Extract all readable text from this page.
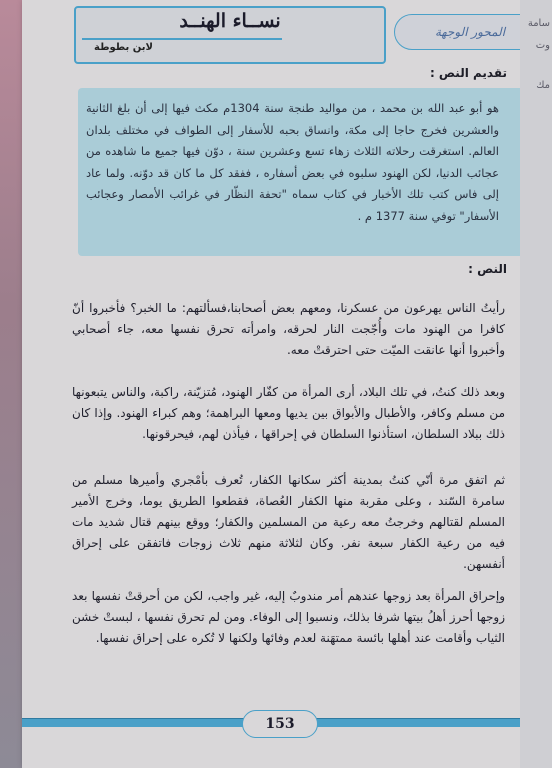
نســاء الهنــد
لابن بطوطة
المحور الوجهة
تقديم النص :
هو أبو عبد الله بن محمد ، من مواليد طنجة سنة 1304م مكث فيها إلى أن بلغ الثانية والعشرين فخرج حاجا إلى مكة، وانساق بحبه للأسفار إلى الطواف في مختلف بلدان العالم. استغرقت رحلاته الثلاث زهاء تسع وعشرين سنة ، دوّن فيها جميع ما شاهده من عجائب الدنيا، لكن الهنود سلبوه في بعض أسفاره ، ففقد كل ما كان قد دوّنه. ولما عاد إلى فاس كتب تلك الأخبار في كتاب سماه "تحفة النظّار في غرائب الأمصار وعجائب الأسفار" توفي سنة 1377 م .
النص :
رأيتُ الناس يهرعون من عسكرنا، ومعهم بعض أصحابنا،فسألتهم: ما الخبر؟ فأخبروا أنّ كافرا من الهنود مات وأُجّجت النار لحرقه، وامرأته تحرق نفسها معه، جاء أصحابي وأخبروا أنها عانقت الميّت حتى احترقتْ معه.
وبعد ذلك كنتُ، في تلك البلاد، أرى المرأة من كفّار الهنود، مُتزيّنة، راكبة، والناس يتبعونها من مسلم وكافر، والأطبال والأبواق بين يديها ومعها البراهمة؛ وهم كبراء الهنود. وإذا كان ذلك ببلاد السلطان، استأذنوا السلطان في إحراقها ، فيأذن لهم، فيحرقونها.
ثم اتفق مرة أنّي كنتُ بمدينة أكثر سكانها الكفار، تُعرف بأمْجري وأميرها مسلم من سامرة السّند ، وعلى مقربة منها الكفار العُصاة، فقطعوا الطريق يوما، وخرج الأمير المسلم لقتالهم وخرجتُ معه رعية من المسلمين والكفار؛ ووقع بينهم قتال شديد مات فيه من رعية الكفار سبعة نفر. وكان لثلاثة منهم ثلاث زوجات فاتفقن على إحراق أنفسهن.
وإحراق المرأة بعد زوجها عندهم أمر مندوبٌ إليه، غير واجب، لكن من أحرقتْ نفسها بعد زوجها أحرز أهلُ بيتها شرفا بذلك، ونسبوا إلى الوفاء. ومن لم تحرق نفسها ، لبستْ خشن الثياب وأقامت عند أهلها بائسة ممتهَنة لعدم وفائها ولكنها لا تُكره على إحراق نفسها.
153
سامة
وت
مك
